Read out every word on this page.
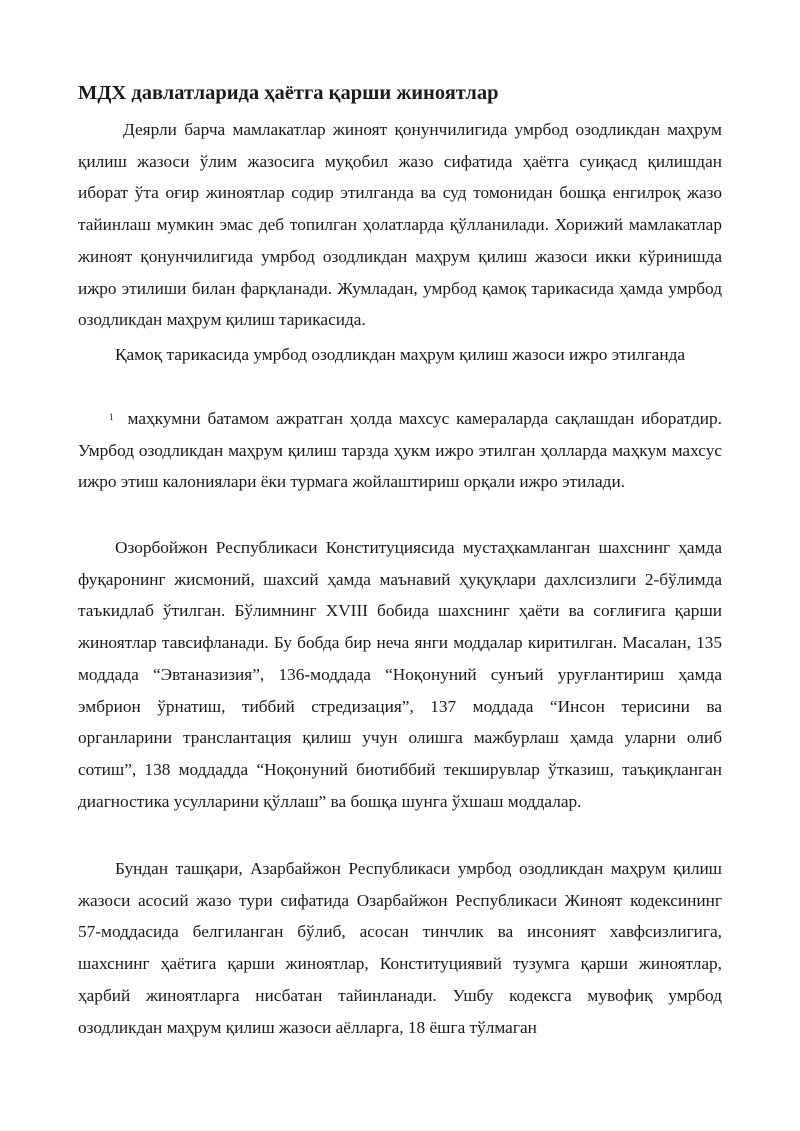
МДХ давлатларида ҳаётга қарши жиноятлар

Деярли барча мамлакатлар жиноят қонунчилигида умрбод озодликдан маҳрум қилиш жазоси ўлим жазосига муқобил жазо сифатида ҳаётга суиқасд қилишдан иборат ўта оғир жиноятлар содир этилганда ва суд томонидан бошқа енгилроқ жазо тайинлаш мумкин эмас деб топилган ҳолатларда қўлланилади. Хорижий мамлакатлар жиноят қонунчилигида умрбод озодликдан маҳрум қилиш жазоси икки кўринишда ижро этилиши билан фарқланади. Жумладан, умрбод қамоқ тарикасида ҳамда умрбод озодликдан маҳрум қилиш тарикасида.

Қамоқ тарикасида умрбод озодликдан маҳрум қилиш жазоси ижро этилганда

$^1$ маҳкумни батамом ажратган ҳолда махсус камераларда сақлашдан иборатдир. Умрбод озодликдан маҳрум қилиш тарзда ҳукм ижро этилган ҳолларда маҳкум махсус ижро этиш калониялари ёки турмага жойлаштириш орқали ижро этилади.

Озорбойжон Республикаси Конституциясида мустаҳкамланган шахснинг ҳамда фуқаронинг жисмоний, шахсий ҳамда маънавий ҳуқуқлари дахлсизлиги 2-бўлимда таъкидлаб ўтилган. Бўлимнинг XVIII бобида шахснинг ҳаёти ва соғлиғига қарши жиноятлар тавсифланади. Бу бобда бир неча янги моддалар киритилган. Масалан, 135 моддада “Эвтаназизия”, 136-моддада “Ноқонуний сунъий уруғлантириш ҳамда эмбрион ўрнатиш, тиббий стредизация”, 137 моддада “Инсон терисини ва органларини транслантация қилиш учун олишга мажбурлаш ҳамда уларни олиб сотиш”, 138 моддадда “Ноқонуний биотиббий текширувлар ўтказиш, таъқиқланган диагностика усулларини қўллаш” ва бошқа шунга ўхшаш моддалар.

Бундан ташқари, Азарбайжон Республикаси умрбод озодликдан маҳрум қилиш жазоси асосий жазо тури сифатида Озарбайжон Республикаси Жиноят кодексининг 57-моддасида белгиланган бўлиб, асосан тинчлик ва инсоният хавфсизлигига, шахснинг ҳаётига қарши жиноятлар, Конституциявий тузумга қарши жиноятлар, ҳарбий жиноятларга нисбатан тайинланади. Ушбу кодексга мувофиқ умрбод озодликдан маҳрум қилиш жазоси аёлларга, 18 ёшга тўлмаган
